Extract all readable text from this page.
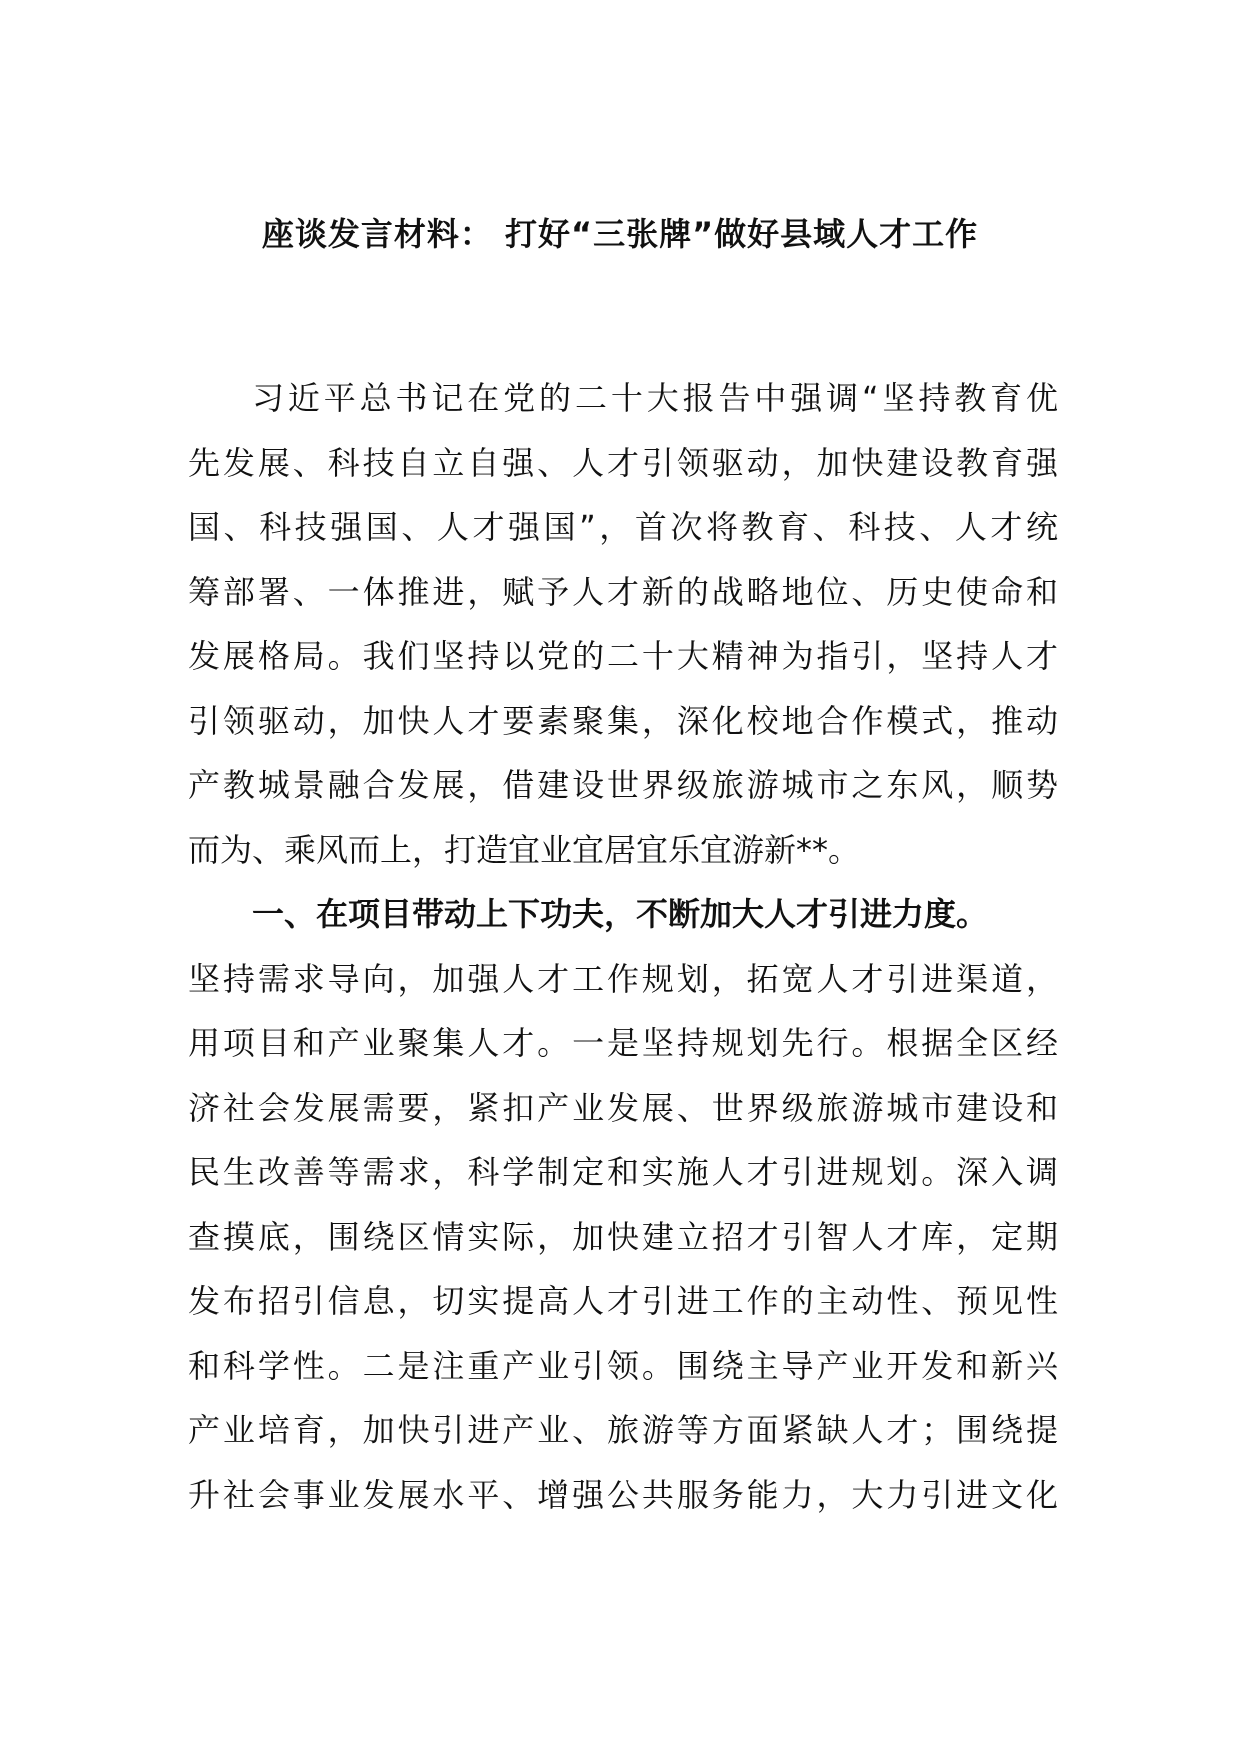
座谈发言材料： 打好“三张牌”做好县域人才工作
习近平总书记在党的二十大报告中强调“坚持教育优
先发展、科技自立自强、人才引领驱动，加快建设教育强
国、科技强国、人才强国”，首次将教育、科技、人才统
筹部署、一体推进，赋予人才新的战略地位、历史使命和
发展格局。我们坚持以党的二十大精神为指引，坚持人才
引领驱动，加快人才要素聚集，深化校地合作模式，推动
产教城景融合发展，借建设世界级旅游城市之东风，顺势
而为、乘风而上，打造宜业宜居宜乐宜游新**。
一、在项目带动上下功夫，不断加大人才引进力度。
坚持需求导向，加强人才工作规划，拓宽人才引进渠道，
用项目和产业聚集人才。一是坚持规划先行。根据全区经
济社会发展需要，紧扣产业发展、世界级旅游城市建设和
民生改善等需求，科学制定和实施人才引进规划。深入调
查摸底，围绕区情实际，加快建立招才引智人才库，定期
发布招引信息，切实提高人才引进工作的主动性、预见性
和科学性。二是注重产业引领。围绕主导产业开发和新兴
产业培育，加快引进产业、旅游等方面紧缺人才；围绕提
升社会事业发展水平、增强公共服务能力，大力引进文化
